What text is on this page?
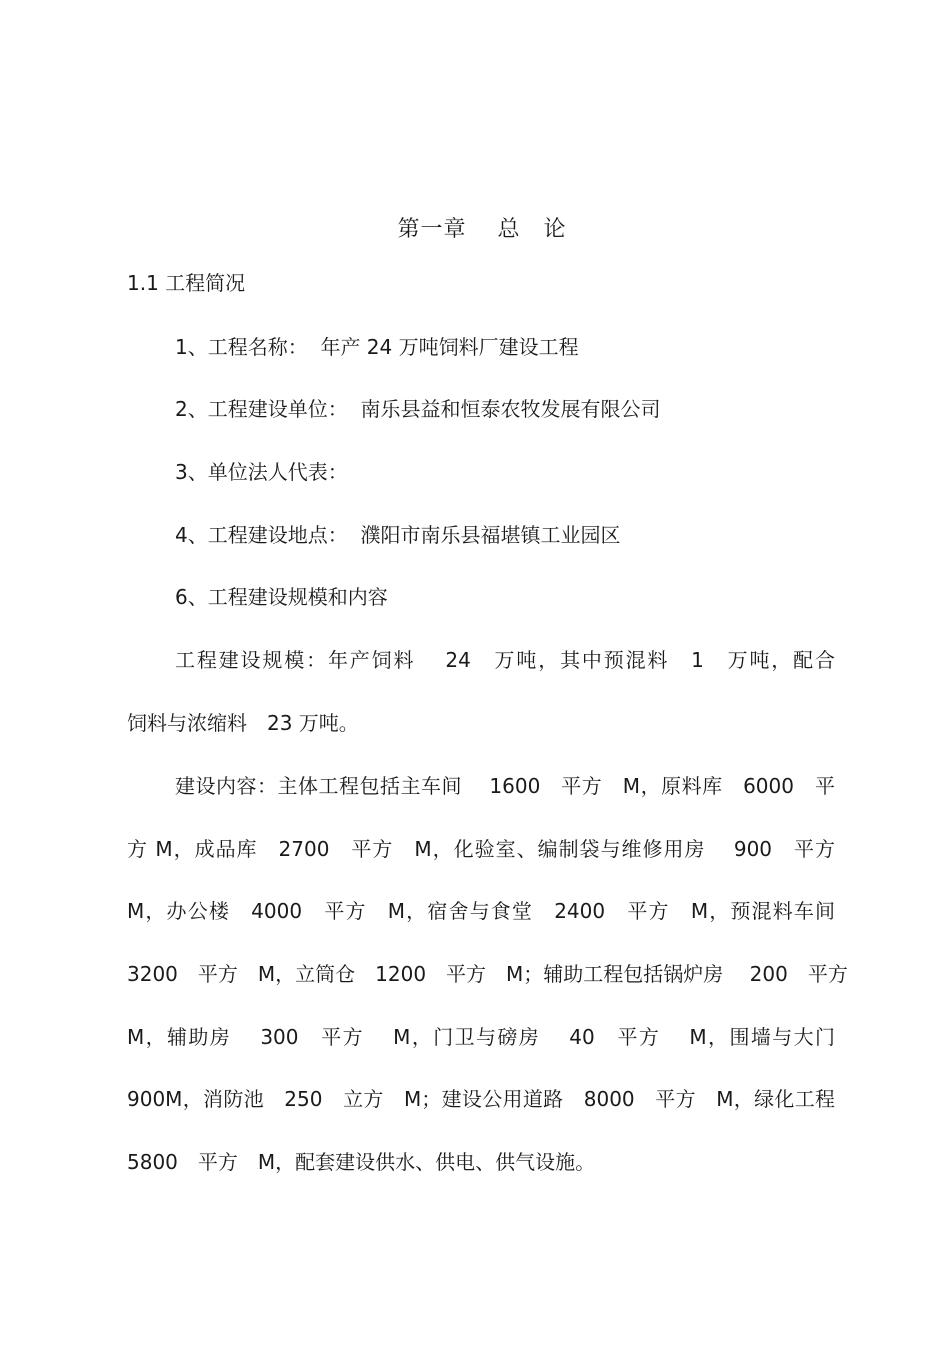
第一章　 总　论
1.1 工程简况
1、工程名称：  年产 24 万吨饲料厂建设工程
2、工程建设单位：  南乐县益和恒泰农牧发展有限公司
3、单位法人代表：
4、工程建设地点：  濮阳市南乐县福堪镇工业园区
6、工程建设规模和内容
工程建设规模：年产饲料　 24　万吨，其中预混料　1　万吨，配合
饲料与浓缩料　23 万吨。
建设内容：主体工程包括主车间　 1600　平方　M，原料库　6000　平
方 M，成品库　2700　平方　M，化验室、编制袋与维修用房　 900　平方
M，办公楼　4000　平方　M，宿舍与食堂　2400　平方　M，预混料车间
3200　平方　M，立筒仓　1200　平方　M；辅助工程包括锅炉房　 200　平方
M，辅助房　 300　平方　 M，门卫与磅房　 40　平方　 M，围墙与大门
900M，消防池　250　立方　M；建设公用道路　8000　平方　M，绿化工程
5800　平方　M，配套建设供水、供电、供气设施。
